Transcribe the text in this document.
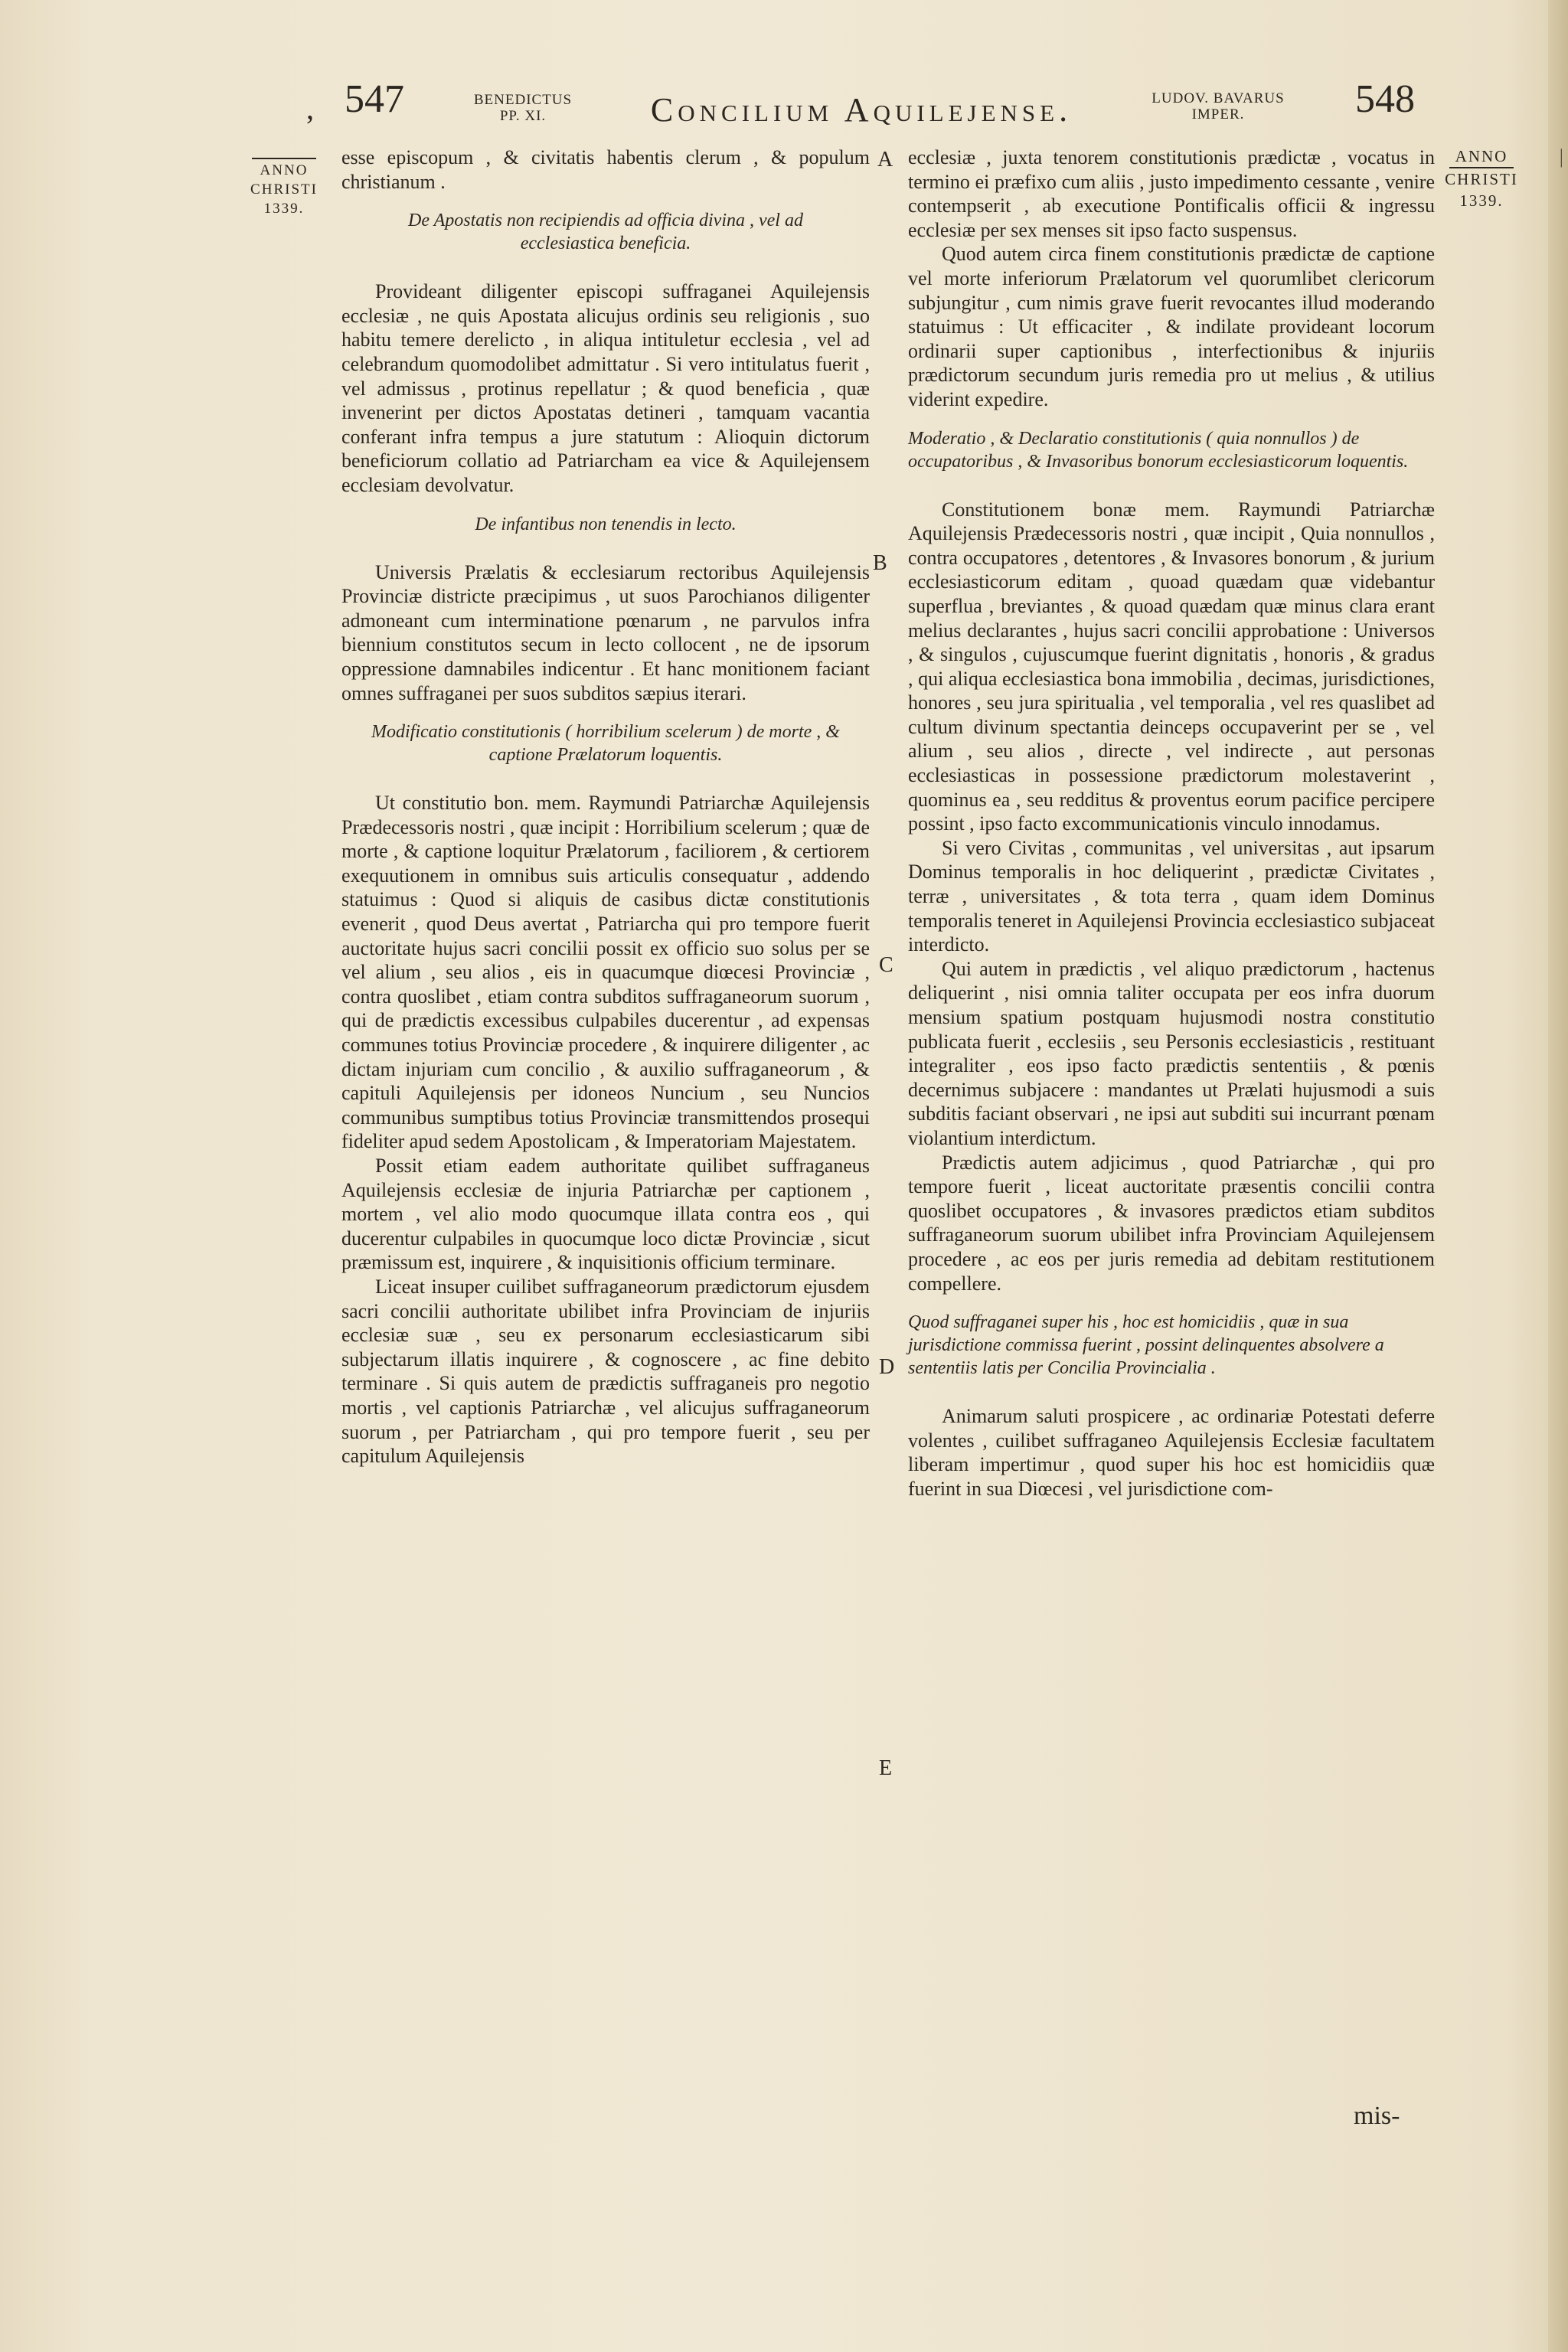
|
, 547	BENEDICTUS
PP. XI.	Concilium Aquilejense.	LUDOV. BAVARUS
IMPER.	548
ANNO
CHRISTI
1339.
ANNO
CHRISTI
1339.
A
B
C
D
E

esse episcopum , & civitatis habentis clerum , & populum christianum .

De Apostatis non recipiendis ad officia divina , vel ad ecclesiastica beneficia.

Provideant diligenter episcopi suffraganei Aquilejensis ecclesiæ , ne quis Apostata alicujus ordinis seu religionis , suo habitu temere derelicto , in aliqua intituletur ecclesia , vel ad celebrandum quomodolibet admittatur . Si vero intitulatus fuerit , vel admissus , protinus repellatur ; & quod beneficia , quæ invenerint per dictos Apostatas detineri , tamquam vacantia conferant infra tempus a jure statutum : Alioquin dictorum beneficiorum collatio ad Patriarcham ea vice & Aquilejensem ecclesiam devolvatur.

De infantibus non tenendis in lecto.

Universis Prælatis & ecclesiarum rectoribus Aquilejensis Provinciæ districte præcipimus , ut suos Parochianos diligenter admoneant cum interminatione pœnarum , ne parvulos infra biennium constitutos secum in lecto collocent , ne de ipsorum oppressione damnabiles indicentur . Et hanc monitionem faciant omnes suffraganei per suos subditos sæpius iterari.

Modificatio constitutionis ( horribilium scelerum ) de morte , & captione Prælatorum loquentis.

Ut constitutio bon. mem. Raymundi Patriarchæ Aquilejensis Prædecessoris nostri , quæ incipit : Horribilium scelerum ; quæ de morte , & captione loquitur Prælatorum , faciliorem , & certiorem exequutionem in omnibus suis articulis consequatur , addendo statuimus : Quod si aliquis de casibus dictæ constitutionis evenerit , quod Deus avertat , Patriarcha qui pro tempore fuerit auctoritate hujus sacri concilii possit ex officio suo solus per se vel alium , seu alios , eis in quacumque diœcesi Provinciæ , contra quoslibet , etiam contra subditos suffraganeorum suorum , qui de prædictis excessibus culpabiles ducerentur , ad expensas communes totius Provinciæ procedere , & inquirere diligenter , ac dictam injuriam cum concilio , & auxilio suffraganeorum , & capituli Aquilejensis per idoneos Nuncium , seu Nuncios communibus sumptibus totius Provinciæ transmittendos prosequi fideliter apud sedem Apostolicam , & Imperatoriam Majestatem.

Possit etiam eadem authoritate quilibet suffraganeus Aquilejensis ecclesiæ de injuria Patriarchæ per captionem , mortem , vel alio modo quocumque illata contra eos , qui ducerentur culpabiles in quocumque loco dictæ Provinciæ , sicut præmissum est, inquirere , & inquisitionis officium terminare.

Liceat insuper cuilibet suffraganeorum prædictorum ejusdem sacri concilii authoritate ubilibet infra Provinciam de injuriis ecclesiæ suæ , seu ex personarum ecclesiasticarum sibi subjectarum illatis inquirere , & cognoscere , ac fine debito terminare . Si quis autem de prædictis suffraganeis pro negotio mortis , vel captionis Patriarchæ , vel alicujus suffraganeorum suorum , per Patriarcham , qui pro tempore fuerit , seu per capitulum Aquilejensis

ecclesiæ , juxta tenorem constitutionis prædictæ , vocatus in termino ei præfixo cum aliis , justo impedimento cessante , venire contempserit , ab executione Pontificalis officii & ingressu ecclesiæ per sex menses sit ipso facto suspensus.

Quod autem circa finem constitutionis prædictæ de captione vel morte inferiorum Prælatorum vel quorumlibet clericorum subjungitur , cum nimis grave fuerit revocantes illud moderando statuimus : Ut efficaciter , & indilate provideant locorum ordinarii super captionibus , interfectionibus & injuriis prædictorum secundum juris remedia pro ut melius , & utilius viderint expedire.

Moderatio , & Declaratio constitutionis ( quia nonnullos ) de occupatoribus , & Invasoribus bonorum ecclesiasticorum loquentis.

Constitutionem bonæ mem. Raymundi Patriarchæ Aquilejensis Prædecessoris nostri , quæ incipit , Quia nonnullos , contra occupatores , detentores , & Invasores bonorum , & jurium ecclesiasticorum editam , quoad quædam quæ videbantur superflua , breviantes , & quoad quædam quæ minus clara erant melius declarantes , hujus sacri concilii approbatione : Universos , & singulos , cujuscumque fuerint dignitatis , honoris , & gradus , qui aliqua ecclesiastica bona immobilia , decimas, jurisdictiones, honores , seu jura spiritualia , vel temporalia , vel res quaslibet ad cultum divinum spectantia deinceps occupaverint per se , vel alium , seu alios , directe , vel indirecte , aut personas ecclesiasticas in possessione prædictorum molestaverint , quominus ea , seu redditus & proventus eorum pacifice percipere possint , ipso facto excommunicationis vinculo innodamus.

Si vero Civitas , communitas , vel universitas , aut ipsarum Dominus temporalis in hoc deliquerint , prædictæ Civitates , terræ , universitates , & tota terra , quam idem Dominus temporalis teneret in Aquilejensi Provincia ecclesiastico subjaceat interdicto.

Qui autem in prædictis , vel aliquo prædictorum , hactenus deliquerint , nisi omnia taliter occupata per eos infra duorum mensium spatium postquam hujusmodi nostra constitutio publicata fuerit , ecclesiis , seu Personis ecclesiasticis , restituant integraliter , eos ipso facto prædictis sententiis , & pœnis decernimus subjacere : mandantes ut Prælati hujusmodi a suis subditis faciant observari , ne ipsi aut subditi sui incurrant pœnam violantium interdictum.

Prædictis autem adjicimus , quod Patriarchæ , qui pro tempore fuerit , liceat auctoritate præsentis concilii contra quoslibet occupatores , & invasores prædictos etiam subditos suffraganeorum suorum ubilibet infra Provinciam Aquilejensem procedere , ac eos per juris remedia ad debitam restitutionem compellere.

Quod suffraganei super his , hoc est homicidiis , quæ in sua jurisdictione commissa fuerint , possint delinquentes absolvere a sententiis latis per Concilia Provincialia .

Animarum saluti prospicere , ac ordinariæ Potestati deferre volentes , cuilibet suffraganeo Aquilejensis Ecclesiæ facultatem liberam impertimur , quod super his hoc est homicidiis quæ fuerint in sua Diœcesi , vel jurisdictione com-

mis-
